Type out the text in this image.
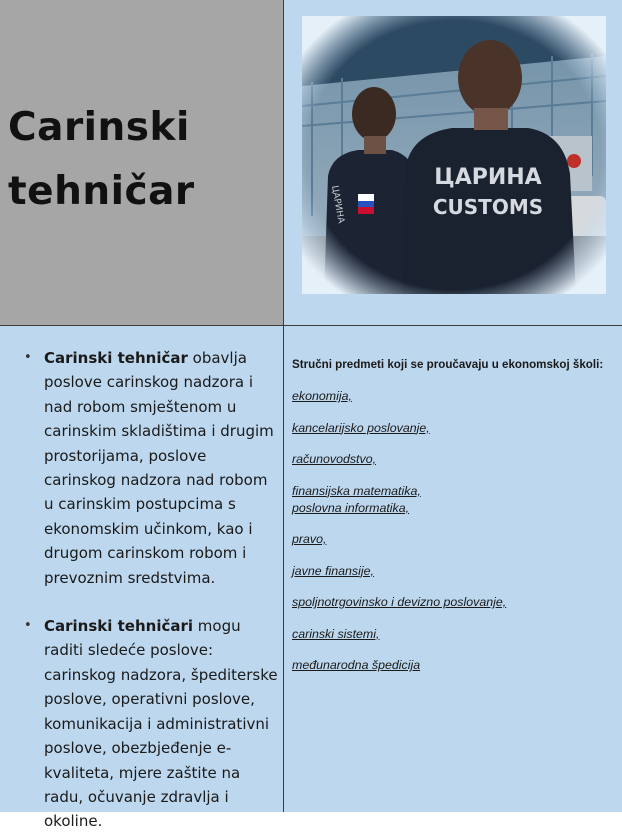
Carinski
tehničar
• Carinski tehničar obavlja poslove carinskog nadzora i nad robom smještenom u carinskim skladištima i drugim prostorijama, poslove carinskog nadzora nad robom u carinskim postupcima s ekonomskim učinkom, kao i drugom carinskom robom i prevoznim sredstvima.
• Carinski tehničari mogu raditi sledeće poslove: carinskog nadzora, špediterske poslove, operativni poslove, komunikacija i administrativni poslove, obezbjeđenje e-kvaliteta, mjere zaštite na radu, očuvanje zdravlja i okoline.

Stručni predmeti koji se proučavaju u ekonomskoj školi:

ekonomija,
kancelarijsko poslovanje,
računovodstvo,
finansijska matematika,
poslovna informatika,
pravo,
javne finansije,
spoljnotrgovinsko i devizno poslovanje,
carinski sistemi,
međunarodna špedicija
